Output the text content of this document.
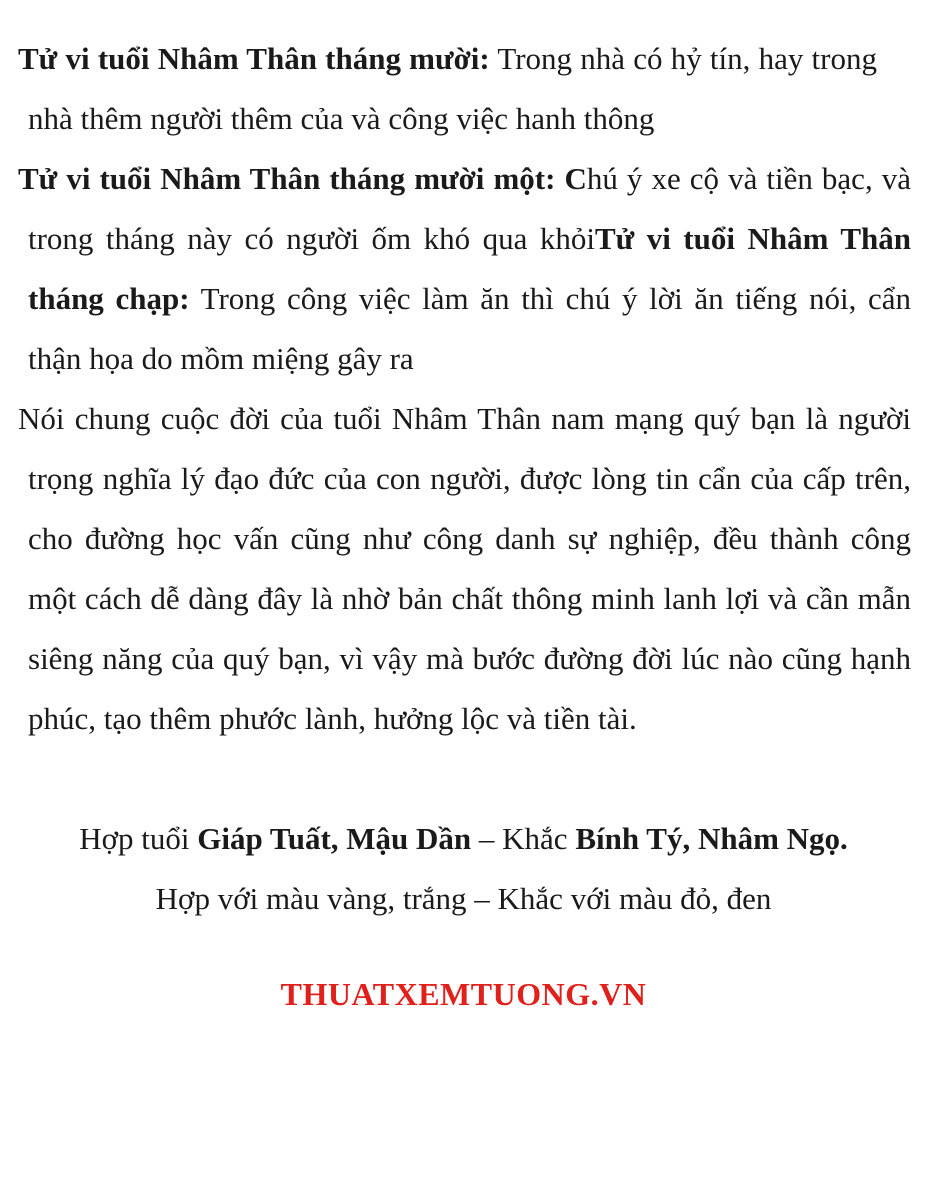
Tử vi tuổi Nhâm Thân tháng mười: Trong nhà có hỷ tín, hay trong nhà thêm người thêm của và công việc hanh thông

Tử vi tuổi Nhâm Thân tháng mười một: Chú ý xe cộ và tiền bạc, và trong tháng này có người ốm khó qua khỏiTử vi tuổi Nhâm Thân tháng chạp: Trong công việc làm ăn thì chú ý lời ăn tiếng nói, cẩn thận họa do mồm miệng gây ra

Nói chung cuộc đời của tuổi Nhâm Thân nam mạng quý bạn là người trọng nghĩa lý đạo đức của con người, được lòng tin cẩn của cấp trên, cho đường học vấn cũng như công danh sự nghiệp, đều thành công một cách dễ dàng đây là nhờ bản chất thông minh lanh lợi và cần mẫn siêng năng của quý bạn, vì vậy mà bước đường đời lúc nào cũng hạnh phúc, tạo thêm phước lành, hưởng lộc và tiền tài.

Hợp tuổi Giáp Tuất, Mậu Dần – Khắc Bính Tý, Nhâm Ngọ.

Hợp với màu vàng, trắng – Khắc với màu đỏ, đen

THUATXEMTUONG.VN
